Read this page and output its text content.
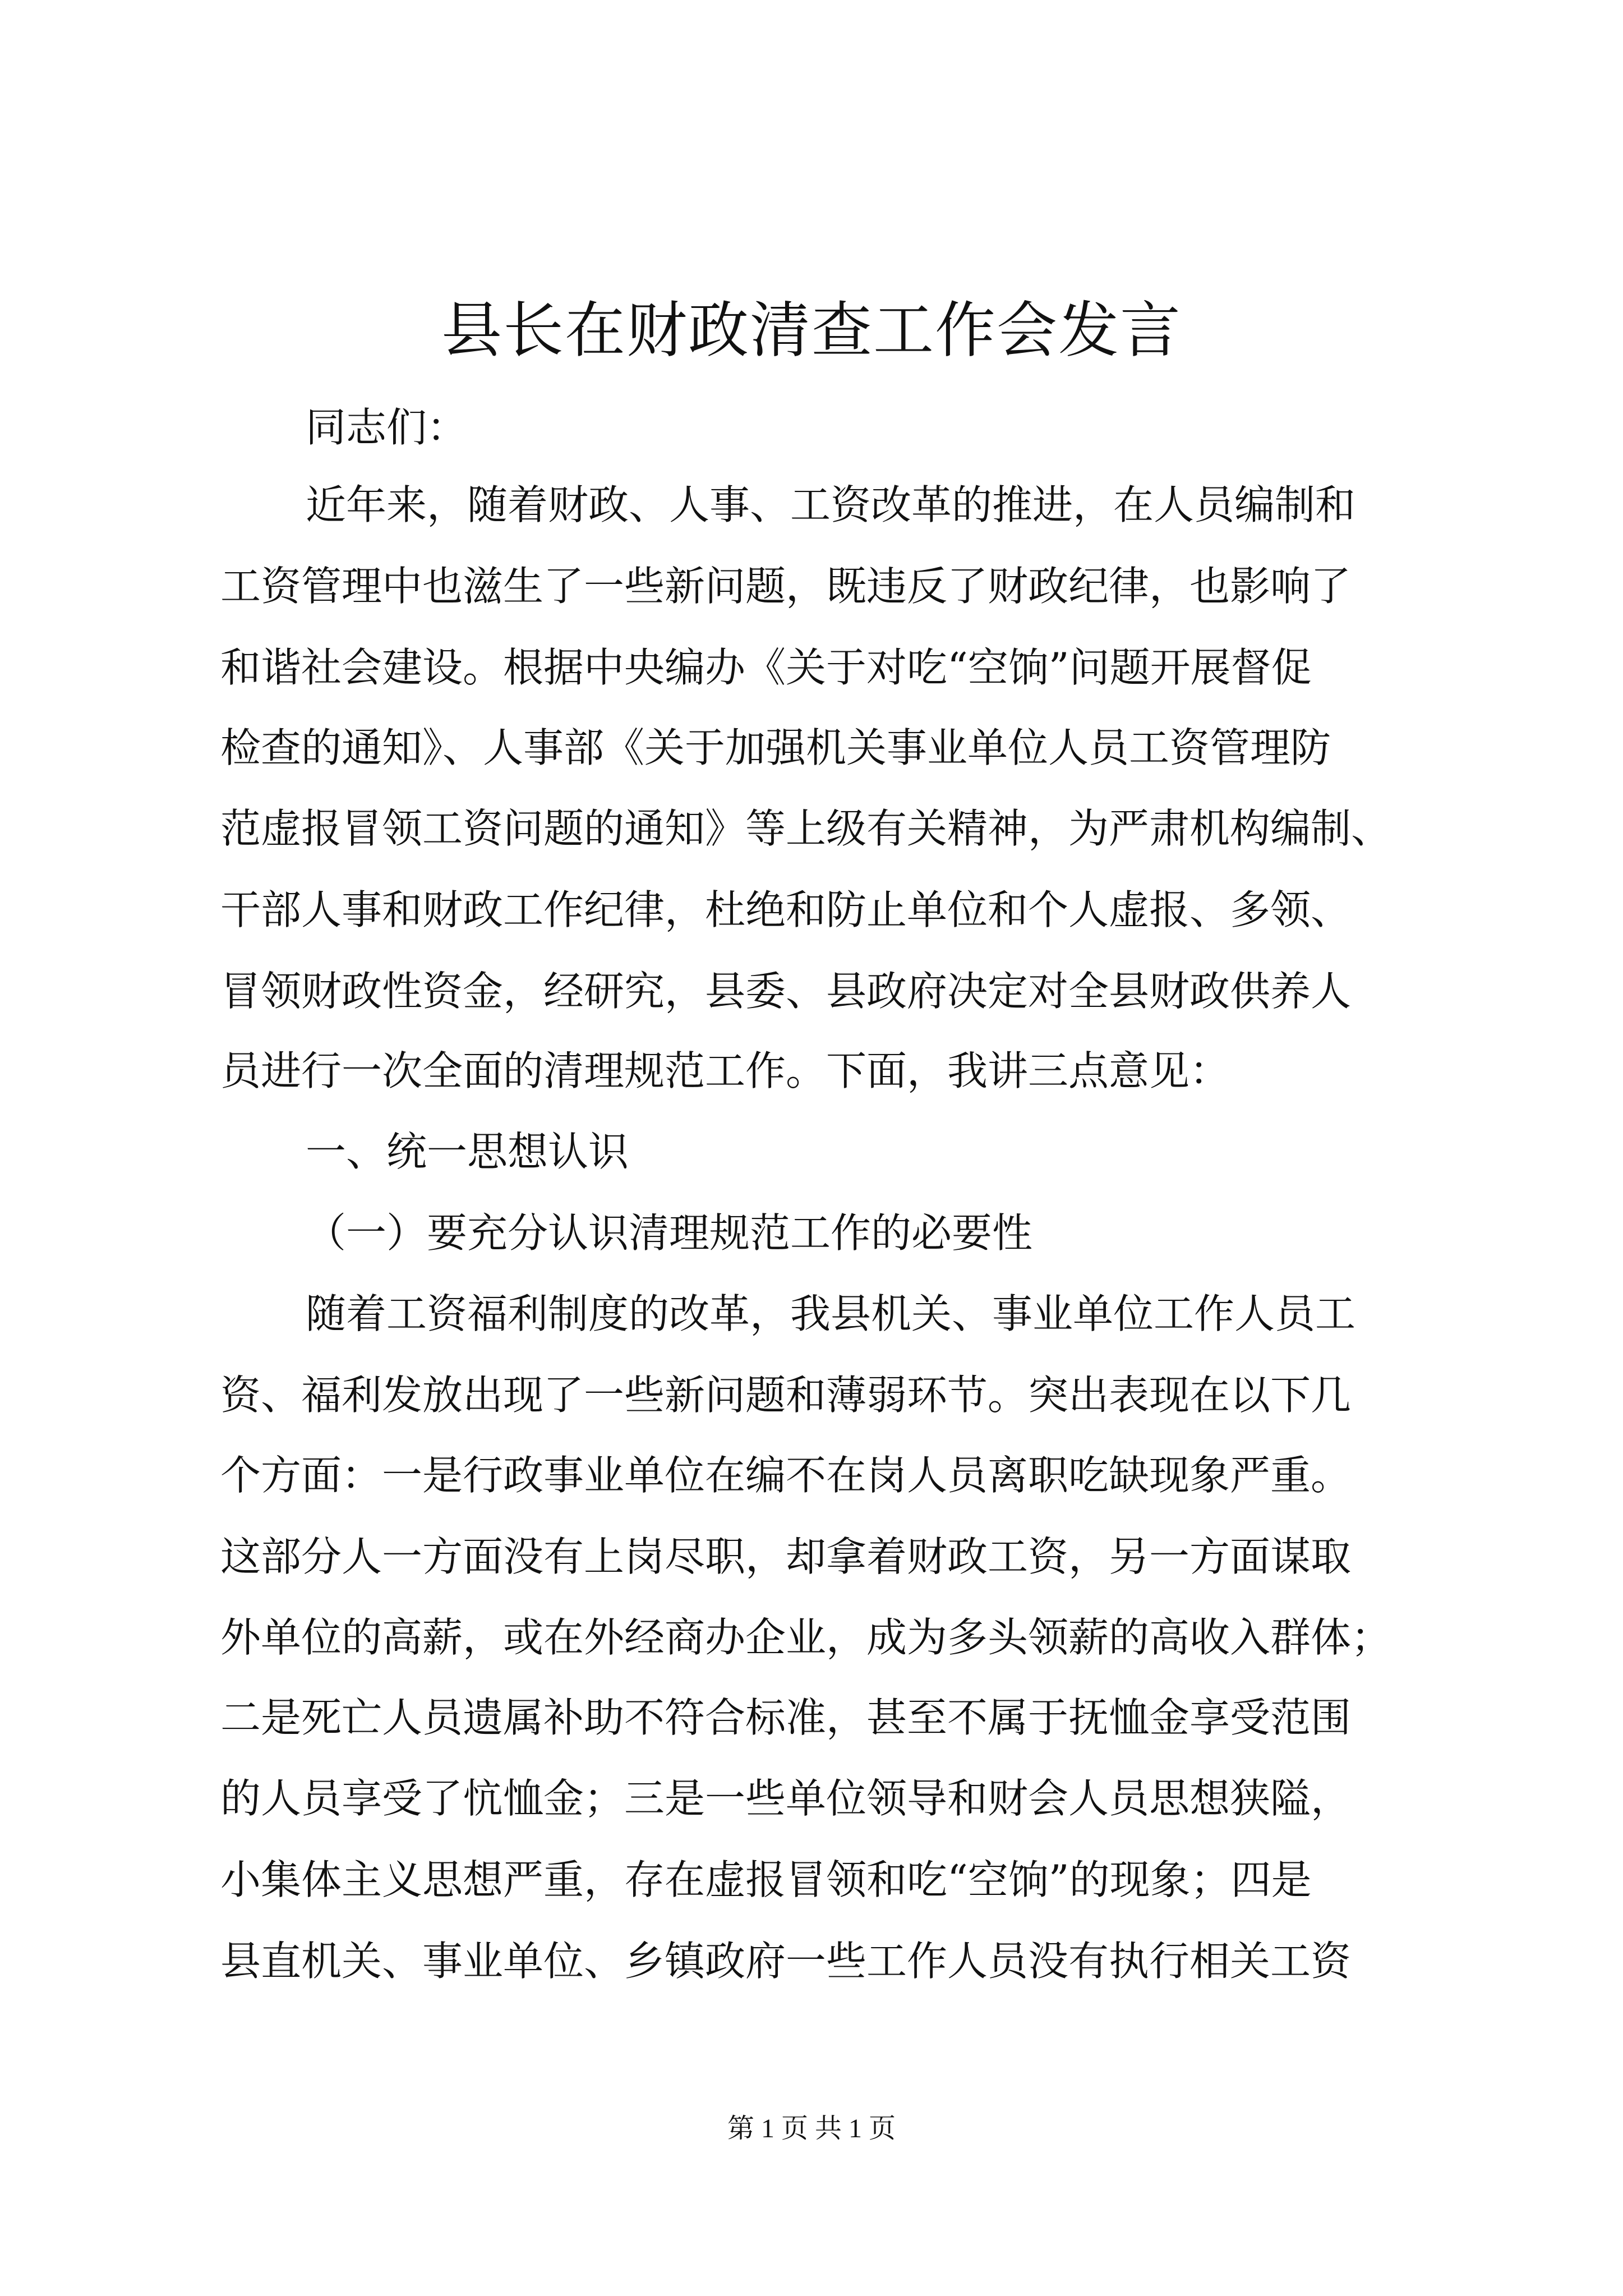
县长在财政清查工作会发言

同志们：

近年来，随着财政、人事、工资改革的推进，在人员编制和

工资管理中也滋生了一些新问题，既违反了财政纪律，也影响了

和谐社会建设。根据中央编办《关于对吃“空饷”问题开展督促

检查的通知》、人事部《关于加强机关事业单位人员工资管理防

范虚报冒领工资问题的通知》等上级有关精神，为严肃机构编制、

干部人事和财政工作纪律，杜绝和防止单位和个人虚报、多领、

冒领财政性资金，经研究，县委、县政府决定对全县财政供养人

员进行一次全面的清理规范工作。下面，我讲三点意见：

一、统一思想认识

（一）要充分认识清理规范工作的必要性

随着工资福利制度的改革，我县机关、事业单位工作人员工

资、福利发放出现了一些新问题和薄弱环节。突出表现在以下几

个方面：一是行政事业单位在编不在岗人员离职吃缺现象严重。

这部分人一方面没有上岗尽职，却拿着财政工资，另一方面谋取

外单位的高薪，或在外经商办企业，成为多头领薪的高收入群体；

二是死亡人员遗属补助不符合标准，甚至不属于抚恤金享受范围

的人员享受了忼恤金；三是一些单位领导和财会人员思想狭隘，

小集体主义思想严重，存在虚报冒领和吃“空饷”的现象；四是

县直机关、事业单位、乡镇政府一些工作人员没有执行相关工资

第 1 页 共 1 页
